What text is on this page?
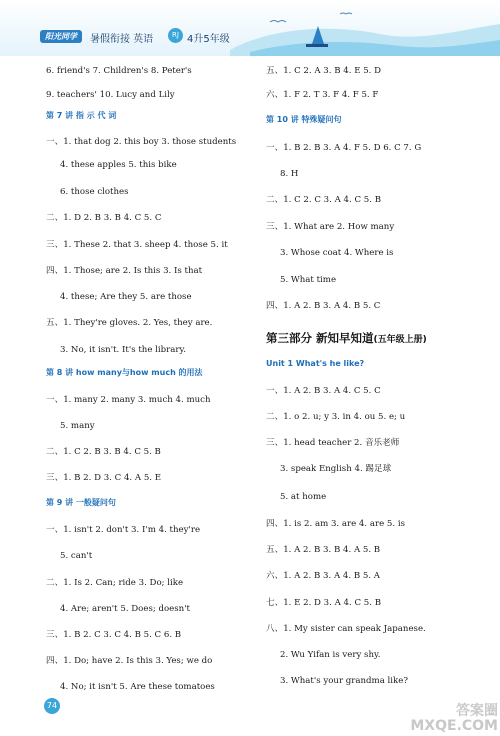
阳光同学	暑假衔接 英语	RJ 4升5年级
6. friend's 7. Children's 8. Peter's
9. teachers' 10. Lucy and Lily
第 7 讲 指 示 代 词
一、1. that dog 2. this boy 3. those students
4. these apples 5. this bike
6. those clothes
二、1. D 2. B 3. B 4. C 5. C
三、1. These 2. that 3. sheep 4. those 5. it
四、1. Those; are 2. Is this 3. Is that
4. these; Are they 5. are those
五、1. They're gloves. 2. Yes, they are.
3. No, it isn't. It's the library.
第 8 讲 how many与how much 的用法
一、1. many 2. many 3. much 4. much
5. many
二、1. C 2. B 3. B 4. C 5. B
三、1. B 2. D 3. C 4. A 5. E
第 9 讲 一般疑问句
一、1. isn't 2. don't 3. I'm 4. they're
5. can't
二、1. Is 2. Can; ride 3. Do; like
4. Are; aren't 5. Does; doesn't
三、1. B 2. C 3. C 4. B 5. C 6. B
四、1. Do; have 2. Is this 3. Yes; we do
4. No; it isn't 5. Are these tomatoes
五、1. C 2. A 3. B 4. E 5. D
六、1. F 2. T 3. F 4. F 5. F
第 10 讲 特殊疑问句
一、1. B 2. B 3. A 4. F 5. D 6. C 7. G
8. H
二、1. C 2. C 3. A 4. C 5. B
三、1. What are 2. How many
3. Whose coat 4. Where is
5. What time
四、1. A 2. B 3. A 4. B 5. C
第三部分 新知早知道(五年级上册)
Unit 1 What's he like?
一、1. A 2. B 3. A 4. C 5. C
二、1. o 2. u; y 3. in 4. ou 5. e; u
三、1. head teacher 2. 音乐老师
3. speak English 4. 踢足球
5. at home
四、1. is 2. am 3. are 4. are 5. is
五、1. A 2. B 3. B 4. A 5. B
六、1. A 2. B 3. A 4. B 5. A
七、1. E 2. D 3. A 4. C 5. B
八、1. My sister can speak Japanese.
2. Wu Yifan is very shy.
3. What's your grandma like?
74	答案圈
MXQE.COM
